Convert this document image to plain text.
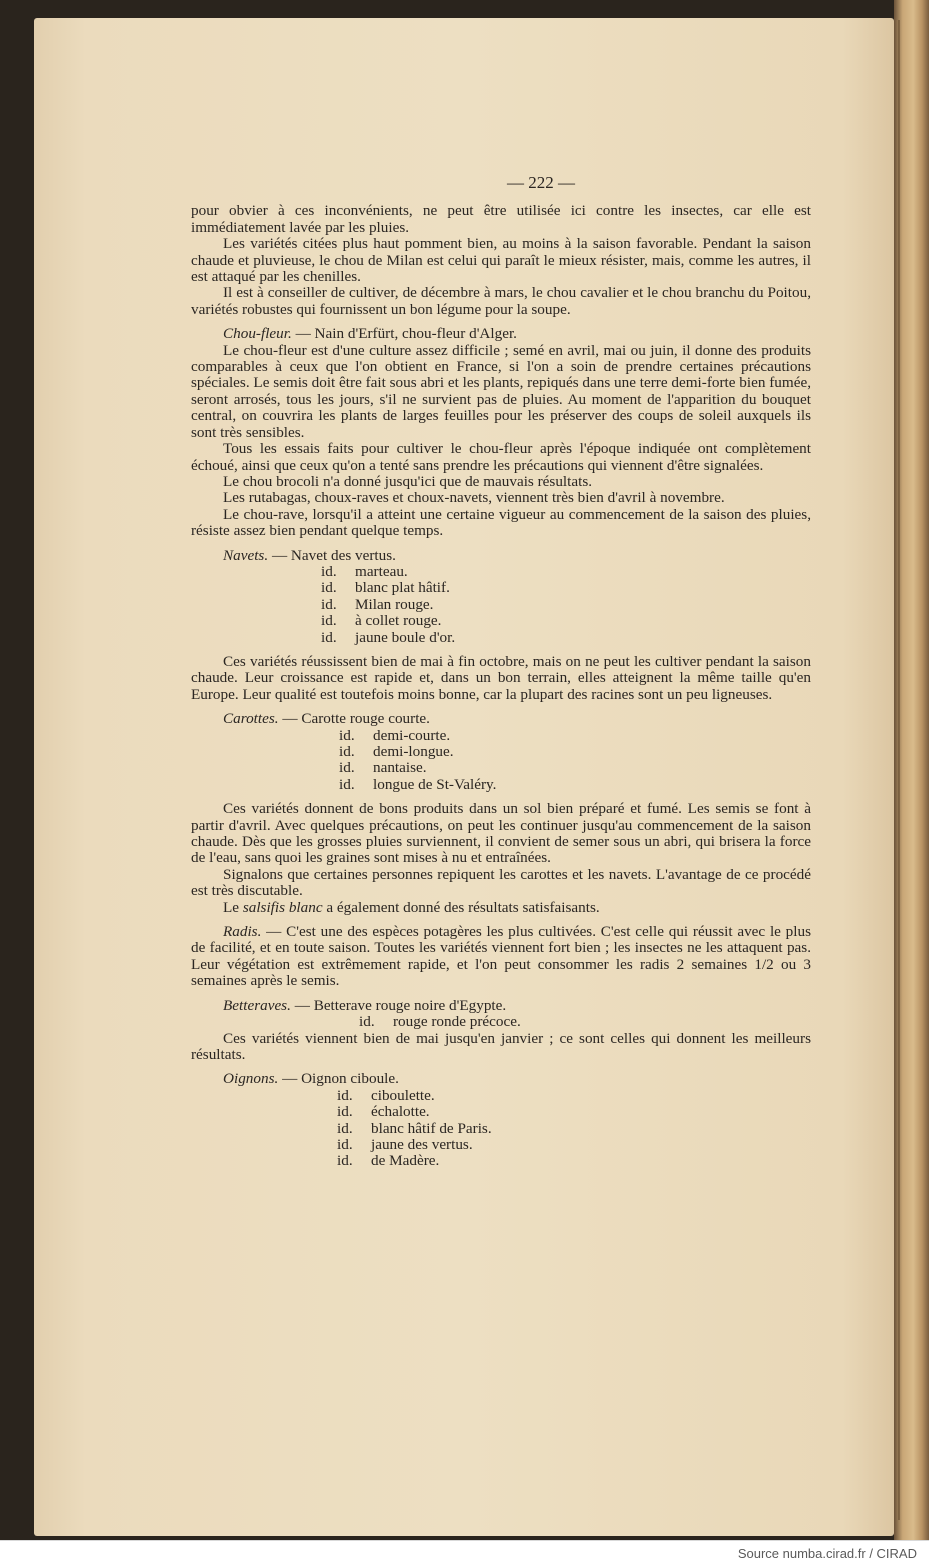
— 222 —

pour obvier à ces inconvénients, ne peut être utilisée ici contre les insectes, car elle est immédiatement lavée par les pluies.

Les variétés citées plus haut pomment bien, au moins à la saison favorable. Pendant la saison chaude et pluvieuse, le chou de Milan est celui qui paraît le mieux résister, mais, comme les autres, il est attaqué par les chenilles.

Il est à conseiller de cultiver, de décembre à mars, le chou cavalier et le chou branchu du Poitou, variétés robustes qui fournissent un bon légume pour la soupe.

Chou-fleur. — Nain d'Erfürt, chou-fleur d'Alger.

Le chou-fleur est d'une culture assez difficile ; semé en avril, mai ou juin, il donne des produits comparables à ceux que l'on obtient en France, si l'on a soin de prendre certaines précautions spéciales. Le semis doit être fait sous abri et les plants, repiqués dans une terre demi-forte bien fumée, seront arrosés, tous les jours, s'il ne survient pas de pluies. Au moment de l'apparition du bouquet central, on couvrira les plants de larges feuilles pour les préserver des coups de soleil auxquels ils sont très sensibles.

Tous les essais faits pour cultiver le chou-fleur après l'époque indiquée ont complètement échoué, ainsi que ceux qu'on a tenté sans prendre les précautions qui viennent d'être signalées.

Le chou brocoli n'a donné jusqu'ici que de mauvais résultats.

Les rutabagas, choux-raves et choux-navets, viennent très bien d'avril à novembre.

Le chou-rave, lorsqu'il a atteint une certaine vigueur au commencement de la saison des pluies, résiste assez bien pendant quelque temps.

Navets. — Navet des vertus.

id. marteau.
id. blanc plat hâtif.
id. Milan rouge.
id. à collet rouge.
id. jaune boule d'or.

Ces variétés réussissent bien de mai à fin octobre, mais on ne peut les cultiver pendant la saison chaude. Leur croissance est rapide et, dans un bon terrain, elles atteignent la même taille qu'en Europe. Leur qualité est toutefois moins bonne, car la plupart des racines sont un peu ligneuses.

Carottes. — Carotte rouge courte.

id. demi-courte.
id. demi-longue.
id. nantaise.
id. longue de St-Valéry.

Ces variétés donnent de bons produits dans un sol bien préparé et fumé. Les semis se font à partir d'avril. Avec quelques précautions, on peut les continuer jusqu'au commencement de la saison chaude. Dès que les grosses pluies surviennent, il convient de semer sous un abri, qui brisera la force de l'eau, sans quoi les graines sont mises à nu et entraînées.

Signalons que certaines personnes repiquent les carottes et les navets. L'avantage de ce procédé est très discutable.

Le salsifis blanc a également donné des résultats satisfaisants.

Radis. — C'est une des espèces potagères les plus cultivées. C'est celle qui réussit avec le plus de facilité, et en toute saison. Toutes les variétés viennent fort bien ; les insectes ne les attaquent pas. Leur végétation est extrêmement rapide, et l'on peut consommer les radis 2 semaines 1/2 ou 3 semaines après le semis.

Betteraves. — Betterave rouge noire d'Egypte.

id. rouge ronde précoce.

Ces variétés viennent bien de mai jusqu'en janvier ; ce sont celles qui donnent les meilleurs résultats.

Oignons. — Oignon ciboule.

id. ciboulette.
id. échalotte.
id. blanc hâtif de Paris.
id. jaune des vertus.
id. de Madère.
Source numba.cirad.fr / CIRAD
